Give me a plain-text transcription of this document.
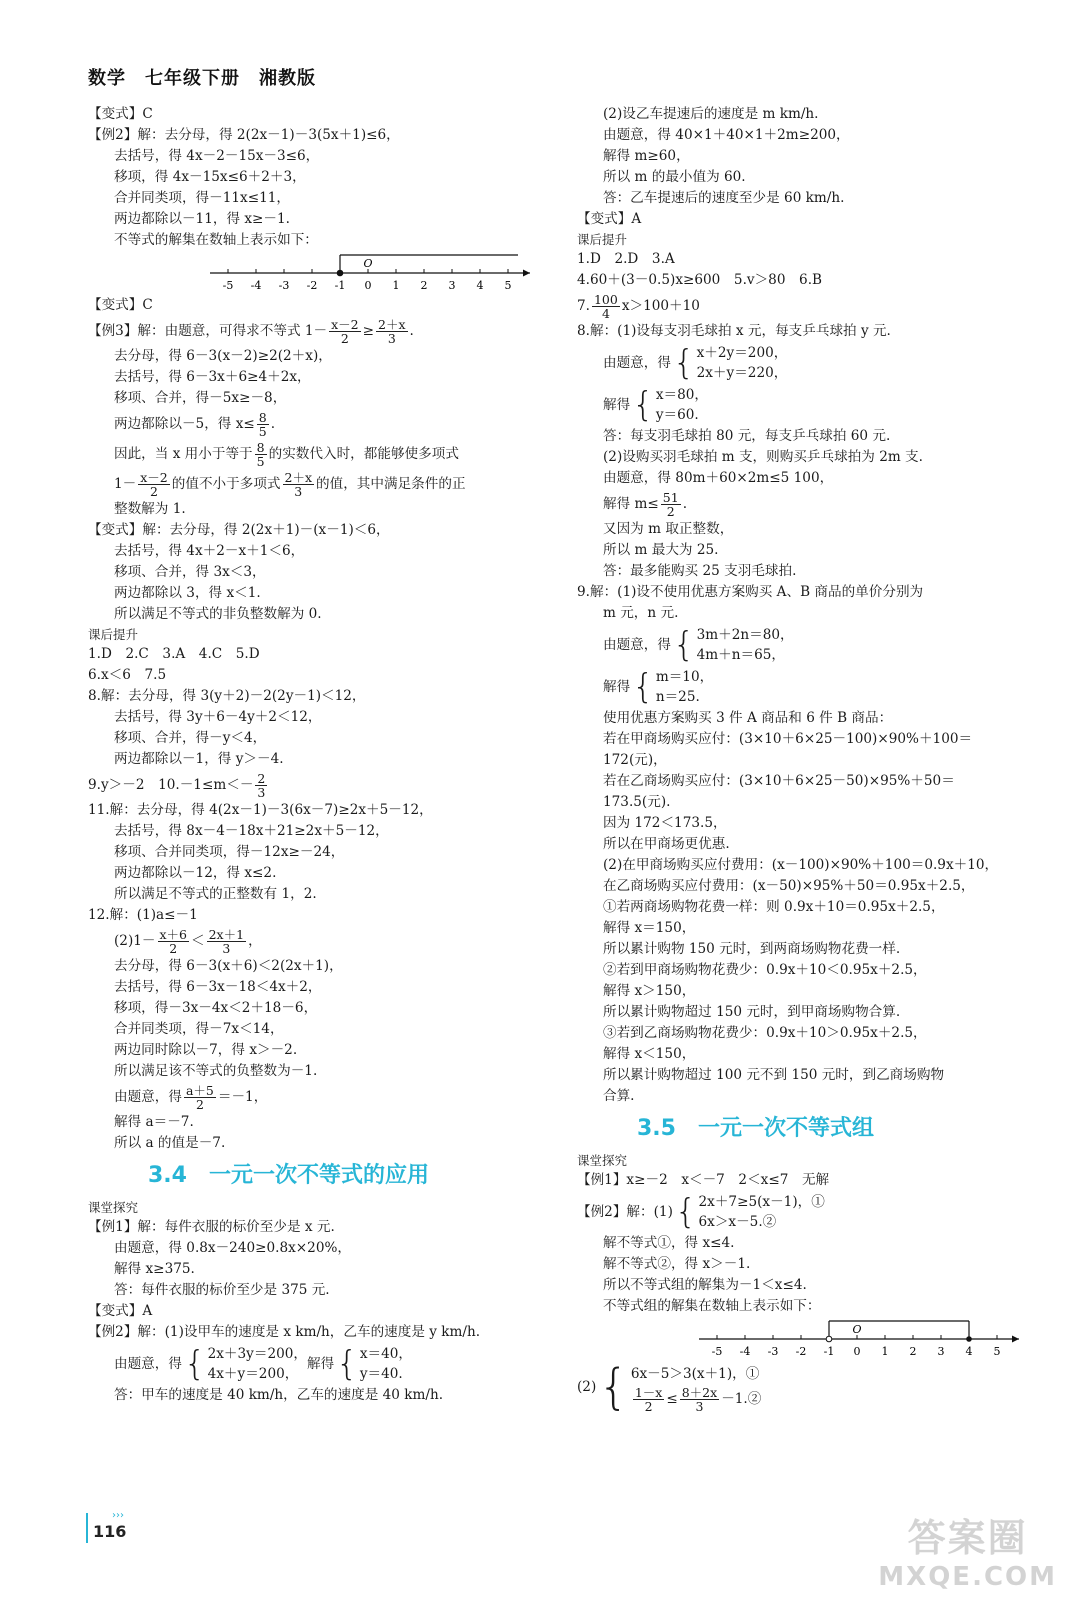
数学　七年级下册　湘教版
【变式】C
【例2】解：去分母，得 2(2x－1)－3(5x＋1)≤6，
去括号，得 4x－2－15x－3≤6，
移项，得 4x－15x≤6＋2＋3，
合并同类项，得－11x≤11，
两边都除以－11，得 x≥－1.
不等式的解集在数轴上表示如下：
-5 -4 -3 -2 -1 0 1 2 3 4 5
O
【变式】C
【例3】解：由题意，可得求不等式 $1- \frac{x-2}{2} \ge \frac{2+x}{3}$ .
去分母，得 6－3(x－2)≥2(2＋x)，
去括号，得 6－3x＋6≥4＋2x，
移项、合并，得－5x≥－8，
两边都除以－5，得 $x\le \frac{8}{5}$ .
因此，当 x 用小于等于 $\frac{8}{5}$ 的实数代入时，都能够使多项式
$1- \frac{x-2}{2}$ 的值不小于多项式 $\frac{2+x}{3}$ 的值，其中满足条件的正
整数解为 1.
【变式】解：去分母，得 2(2x＋1)－(x－1)＜6，
去括号，得 4x＋2－x＋1＜6，
移项、合并，得 3x＜3，
两边都除以 3，得 x＜1.
所以满足不等式的非负整数解为 0.
课后提升
1.D　2.C　3.A　4.C　5.D
6.x＜6　7.5
8.解：去分母，得 3(y＋2)－2(2y－1)＜12，
去括号，得 3y＋6－4y＋2＜12，
移项、合并，得－y＜4，
两边都除以－1，得 y＞－4.
9.y＞－2　$10.-1\le m<- \frac{2}{3}$
11.解：去分母，得 4(2x－1)－3(6x－7)≥2x＋5－12，
去括号，得 8x－4－18x＋21≥2x＋5－12，
移项、合并同类项，得－12x≥－24，
两边都除以－12，得 x≤2.
所以满足不等式的正整数有 1，2.
12.解：(1)a≤－1
$(2)1- \frac{x+6}{2} < \frac{2x+1}{3}$ ，
去分母，得 6－3(x＋6)＜2(2x＋1)，
去括号，得 6－3x－18＜4x＋2，
移项，得－3x－4x＜2＋18－6，
合并同类项，得－7x＜14，
两边同时除以－7，得 x＞－2.
所以满足该不等式的负整数为－1.
由题意，得 $\frac{a+5}{2} =-1$，
解得 a＝－7.
所以 a 的值是－7.
3.4　一元一次不等式的应用
课堂探究
【例1】解：每件衣服的标价至少是 x 元.
由题意，得 0.8x－240≥0.8x×20%，
解得 x≥375.
答：每件衣服的标价至少是 375 元.
【变式】A
【例2】解：(1)设甲车的速度是 x km/h，乙车的速度是 y km/h.
由题意，得 { 2x＋3y＝200，
4x＋y＝200，
解得 { x＝40，
y＝40.
答：甲车的速度是 40 km/h，乙车的速度是 40 km/h.
(2)设乙车提速后的速度是 m km/h.
由题意，得 40×1＋40×1＋2m≥200，
解得 m≥60，
所以 m 的最小值为 60.
答：乙车提速后的速度至少是 60 km/h.
【变式】A
课后提升
1.D　2.D　3.A
4.60＋(3－0.5)x≥600　5.v＞80　6.B
7. $\frac{100}{4} x>100+10$
8.解：(1)设每支羽毛球拍 x 元，每支乒乓球拍 y 元.
由题意，得 { x＋2y＝200，
2x＋y＝220，
解得 { x＝80，
y＝60.
答：每支羽毛球拍 80 元，每支乒乓球拍 60 元.
(2)设购买羽毛球拍 m 支，则购买乒乓球拍为 2m 支.
由题意，得 80m＋60×2m≤5 100，
解得 $m\le \frac{51}{2}$ .
又因为 m 取正整数，
所以 m 最大为 25.
答：最多能购买 25 支羽毛球拍.
9.解：(1)设不使用优惠方案购买 A、B 商品的单价分别为
m 元，n 元.
由题意，得 { 3m＋2n＝80，
4m＋n＝65，
解得 { m＝10，
n＝25.
使用优惠方案购买 3 件 A 商品和 6 件 B 商品：
若在甲商场购买应付：(3×10＋6×25－100)×90%＋100＝
172(元)，
若在乙商场购买应付：(3×10＋6×25－50)×95%＋50＝
173.5(元).
因为 172＜173.5，
所以在甲商场更优惠.
(2)在甲商场购买应付费用：(x－100)×90%＋100＝0.9x＋10，
在乙商场购买应付费用：(x－50)×95%＋50＝0.95x＋2.5，
①若两商场购物花费一样：则 0.9x＋10＝0.95x＋2.5，
解得 x＝150，
所以累计购物 150 元时，到两商场购物花费一样.
②若到甲商场购物花费少：0.9x＋10＜0.95x＋2.5，
解得 x＞150，
所以累计购物超过 150 元时，到甲商场购物合算.
③若到乙商场购物花费少：0.9x＋10＞0.95x＋2.5，
解得 x＜150，
所以累计购物超过 100 元不到 150 元时，到乙商场购物
合算.
3.5　一元一次不等式组
课堂探究
【例1】x≥－2　x＜－7　2＜x≤7　无解
【例2】解：(1) { 2x＋7≥5(x－1)，①
6x＞x－5.②
解不等式①，得 x≤4.
解不等式②，得 x＞－1.
所以不等式组的解集为－1＜x≤4.
不等式组的解集在数轴上表示如下：
-5 -4 -3 -2 -1 0 1 2 3 4 5
O
(2) { 6x－5＞3(x＋1)，①
$\frac{1-x}{2} \le \frac{8+2x}{3}$ －1.②
›››
116	答案圈
MXQE.COM
